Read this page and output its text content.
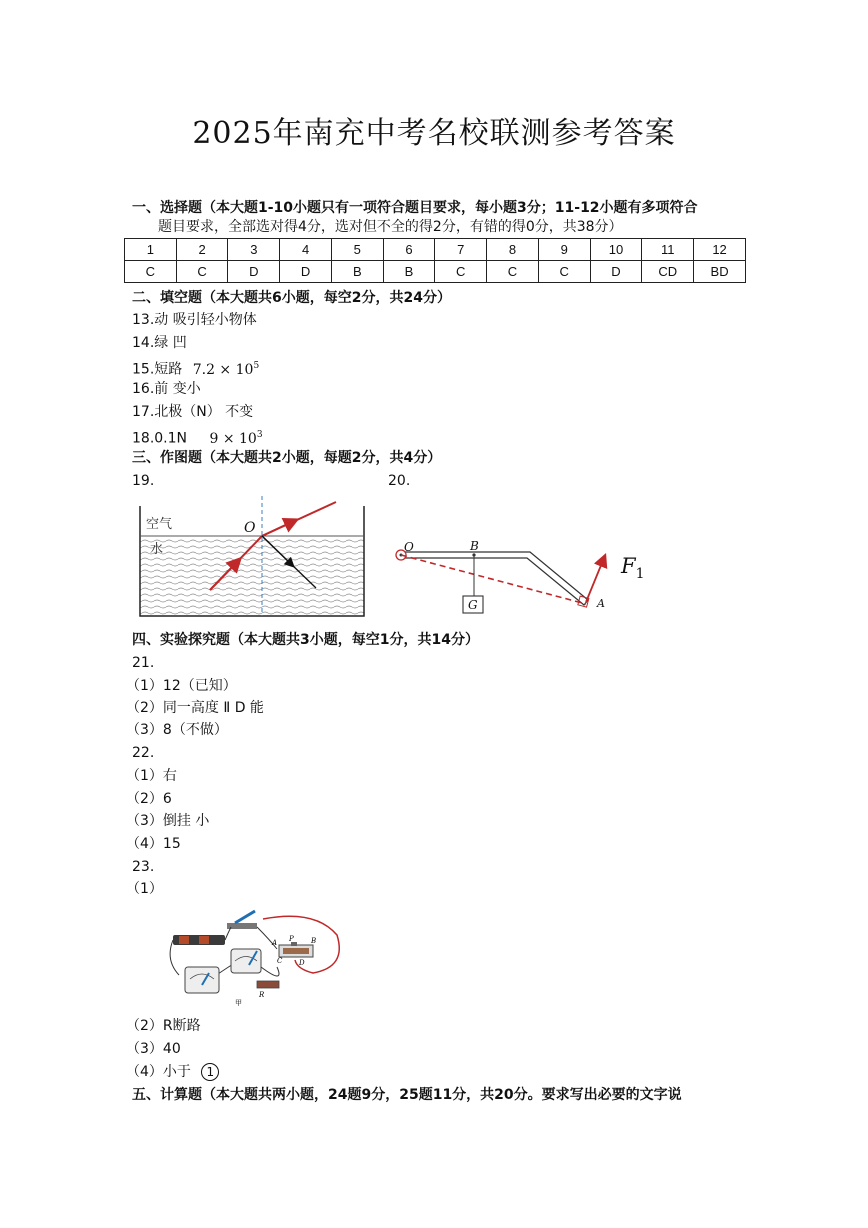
2025年南充中考名校联测参考答案
一、选择题（本大题1-10小题只有一项符合题目要求，每小题3分；11-12小题有多项符合
题目要求，全部选对得4分，选对但不全的得2分，有错的得0分，共38分）
1	2	3	4	5	6	7	8	9	10	11	12
C	C	D	D	B	B	C	C	C	D	CD	BD
二、填空题（本大题共6小题，每空2分，共24分）
13.动 吸引轻小物体
14.绿 凹
15.短路 $7.2 \times 10^5$
16.前 变小
17.北极（N） 不变
18.0.1N $9 \times 10^3$
三、作图题（本大题共2小题，每题2分，共4分）
19.	20.
空气
水
O
O	B
G	A
$F_1$
四、实验探究题（本大题共3小题，每空1分，共14分）
21.
（1）12（已知）
（2）同一高度 Ⅱ D 能
（3）8（不做）
22.
（1）右
（2）6
（3）倒挂 小
（4）15
23.
（1）
A P B
C D
R
甲
（2）R断路
（3）40
（4）小于 1
五、计算题（本大题共两小题，24题9分，25题11分，共20分。要求写出必要的文字说
